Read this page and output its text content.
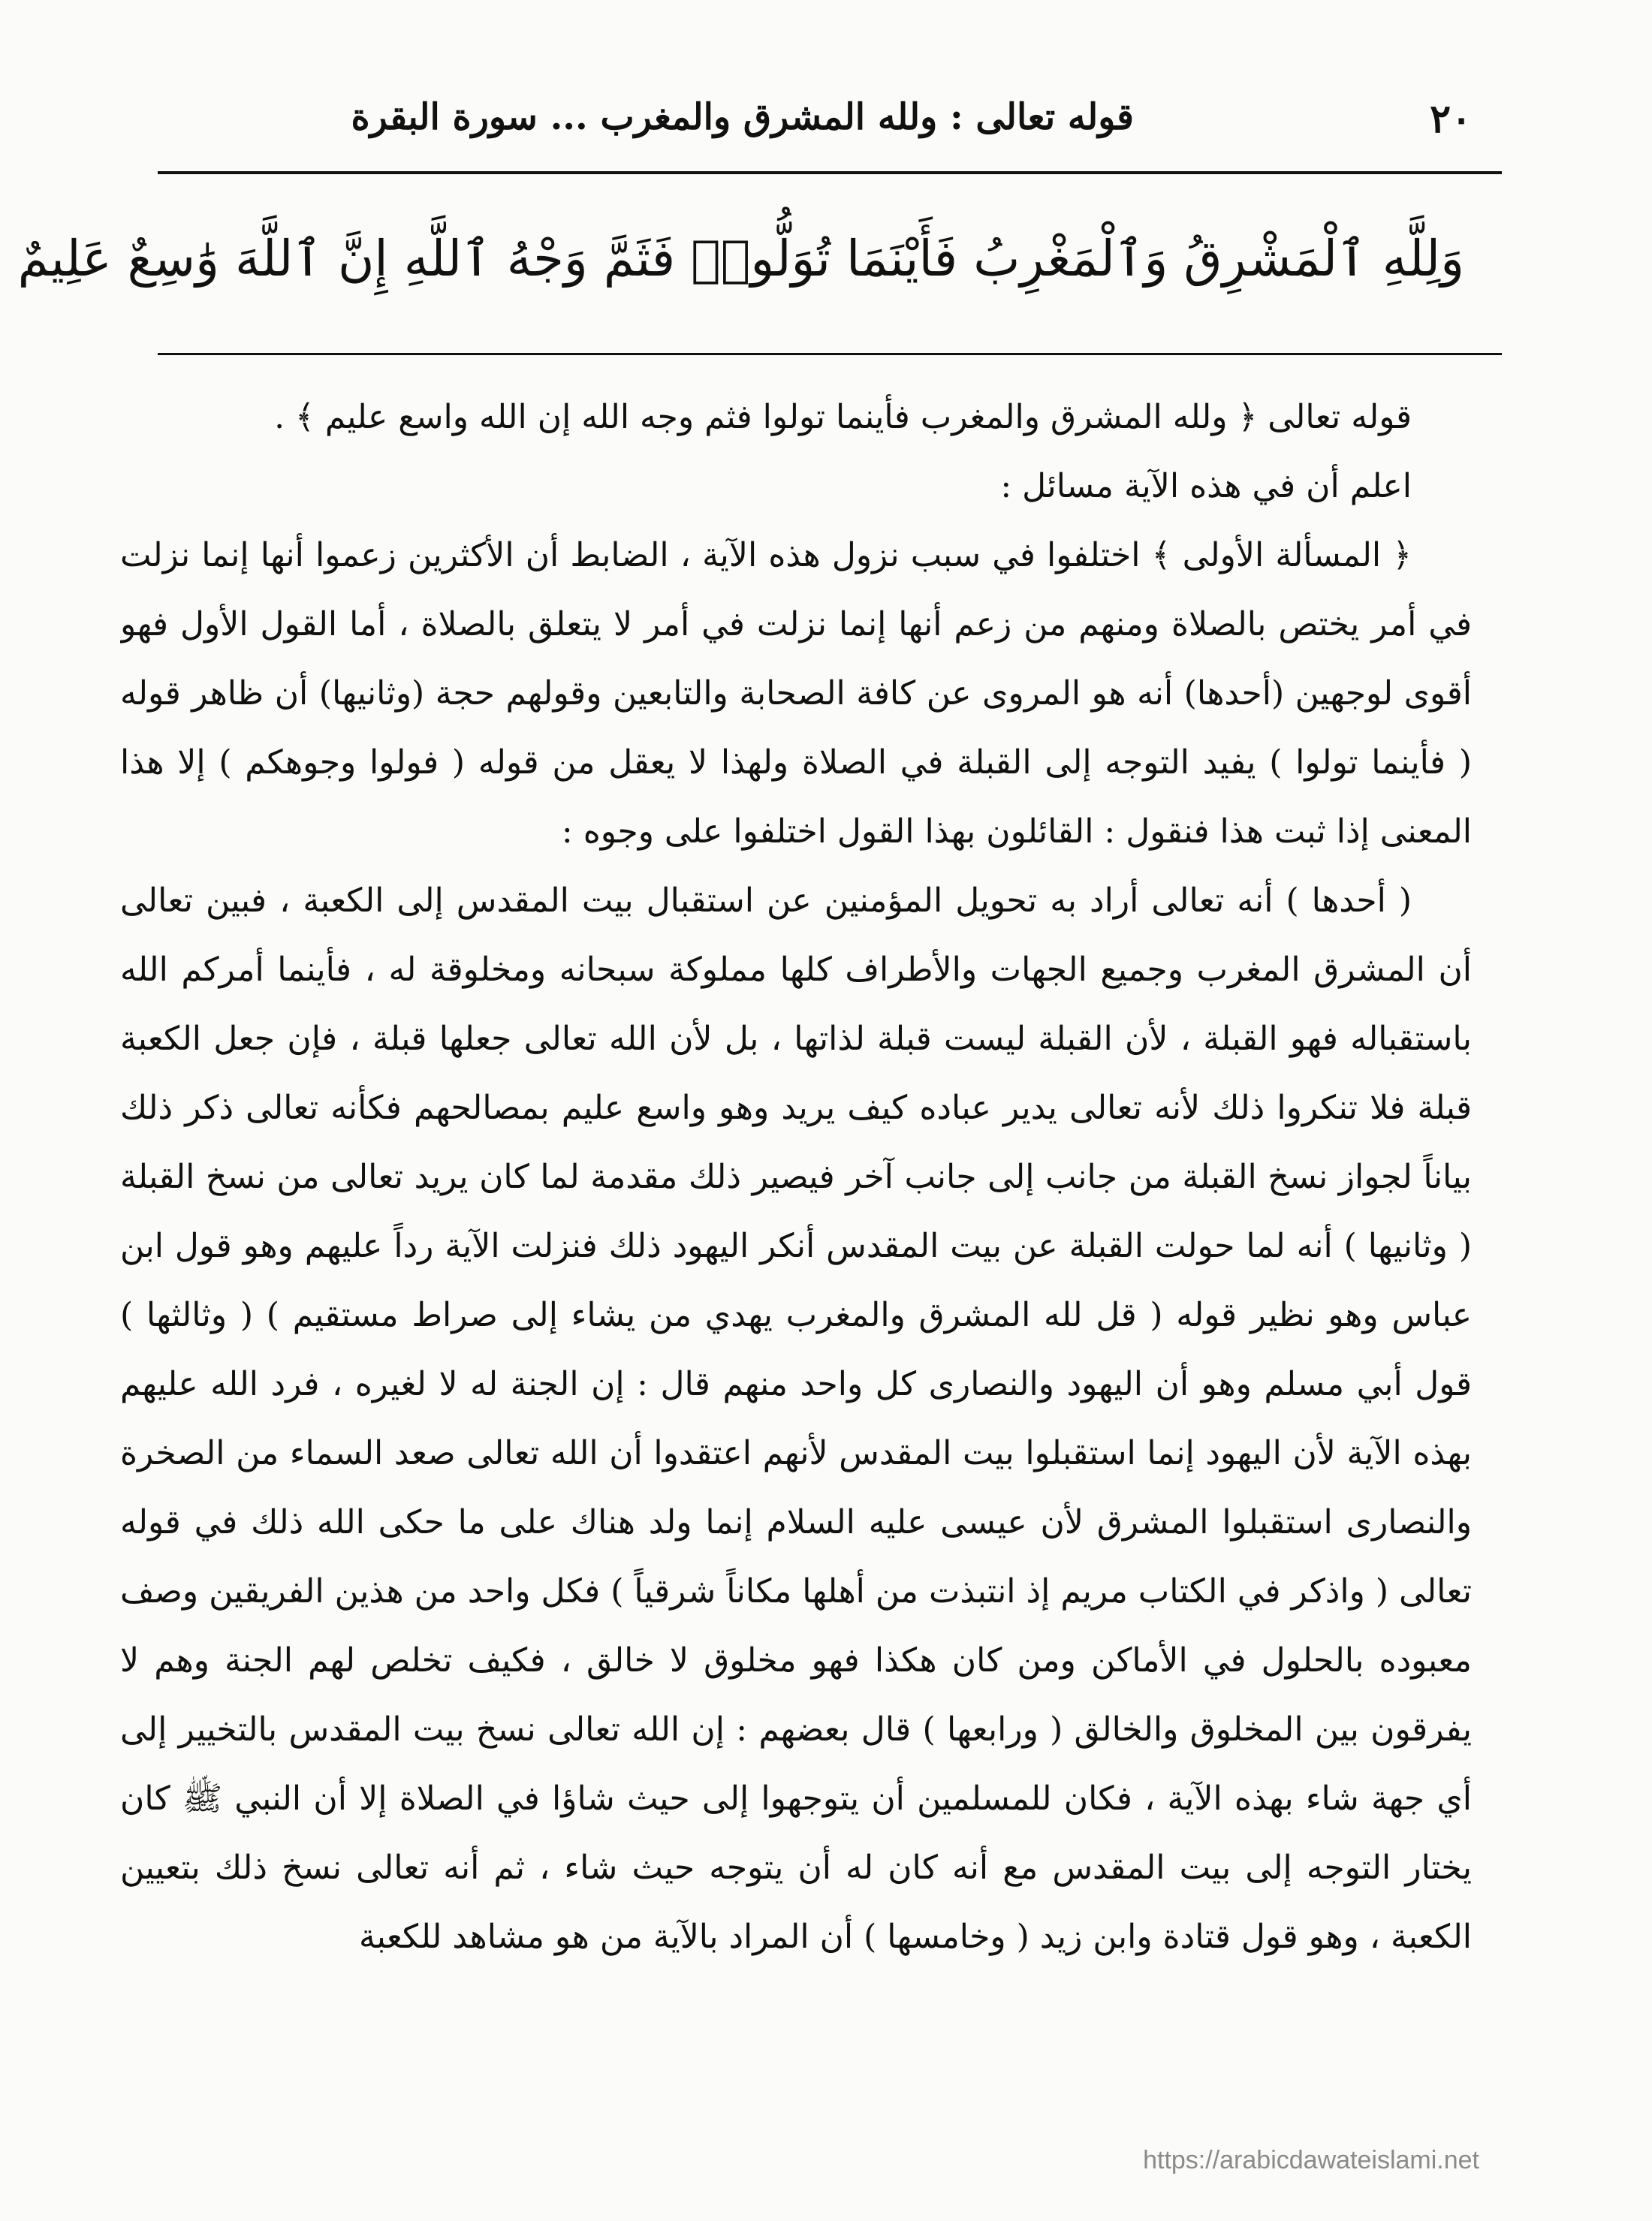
٢٠
قوله تعالى : ولله المشرق والمغرب ... سورة البقرة
وَلِلَّهِ ٱلْمَشْرِقُ وَٱلْمَغْرِبُ فَأَيْنَمَا تُوَلُّوا۟ فَثَمَّ وَجْهُ ٱللَّهِ إِنَّ ٱللَّهَ وَٰسِعٌ عَلِيمٌ

قوله تعالى ﴿ ولله المشرق والمغرب فأينما تولوا فثم وجه الله إن الله واسع عليم ﴾ .

اعلم أن في هذه الآية مسائل :

﴿ المسألة الأولى ﴾ اختلفوا في سبب نزول هذه الآية ، الضابط أن الأكثرين زعموا أنها إنما نزلت في أمر يختص بالصلاة ومنهم من زعم أنها إنما نزلت في أمر لا يتعلق بالصلاة ، أما القول الأول فهو أقوى لوجهين (أحدها) أنه هو المروى عن كافة الصحابة والتابعين وقولهم حجة (وثانيها) أن ظاهر قوله ( فأينما تولوا ) يفيد التوجه إلى القبلة في الصلاة ولهذا لا يعقل من قوله ( فولوا وجوهكم ) إلا هذا المعنى إذا ثبت هذا فنقول : القائلون بهذا القول اختلفوا على وجوه :

( أحدها ) أنه تعالى أراد به تحويل المؤمنين عن استقبال بيت المقدس إلى الكعبة ، فبين تعالى أن المشرق المغرب وجميع الجهات والأطراف كلها مملوكة سبحانه ومخلوقة له ، فأينما أمركم الله باستقباله فهو القبلة ، لأن القبلة ليست قبلة لذاتها ، بل لأن الله تعالى جعلها قبلة ، فإن جعل الكعبة قبلة فلا تنكروا ذلك لأنه تعالى يدير عباده كيف يريد وهو واسع عليم بمصالحهم فكأنه تعالى ذكر ذلك بياناً لجواز نسخ القبلة من جانب إلى جانب آخر فيصير ذلك مقدمة لما كان يريد تعالى من نسخ القبلة ( وثانيها ) أنه لما حولت القبلة عن بيت المقدس أنكر اليهود ذلك فنزلت الآية رداً عليهم وهو قول ابن عباس وهو نظير قوله ( قل لله المشرق والمغرب يهدي من يشاء إلى صراط مستقيم ) ( وثالثها ) قول أبي مسلم وهو أن اليهود والنصارى كل واحد منهم قال : إن الجنة له لا لغيره ، فرد الله عليهم بهذه الآية لأن اليهود إنما استقبلوا بيت المقدس لأنهم اعتقدوا أن الله تعالى صعد السماء من الصخرة والنصارى استقبلوا المشرق لأن عيسى عليه السلام إنما ولد هناك على ما حكى الله ذلك في قوله تعالى ( واذكر في الكتاب مريم إذ انتبذت من أهلها مكاناً شرقياً ) فكل واحد من هذين الفريقين وصف معبوده بالحلول في الأماكن ومن كان هكذا فهو مخلوق لا خالق ، فكيف تخلص لهم الجنة وهم لا يفرقون بين المخلوق والخالق ( ورابعها ) قال بعضهم : إن الله تعالى نسخ بيت المقدس بالتخيير إلى أي جهة شاء بهذه الآية ، فكان للمسلمين أن يتوجهوا إلى حيث شاؤا في الصلاة إلا أن النبي ﷺ كان يختار التوجه إلى بيت المقدس مع أنه كان له أن يتوجه حيث شاء ، ثم أنه تعالى نسخ ذلك بتعيين الكعبة ، وهو قول قتادة وابن زيد ( وخامسها ) أن المراد بالآية من هو مشاهد للكعبة

https://arabicdawateislami.net
